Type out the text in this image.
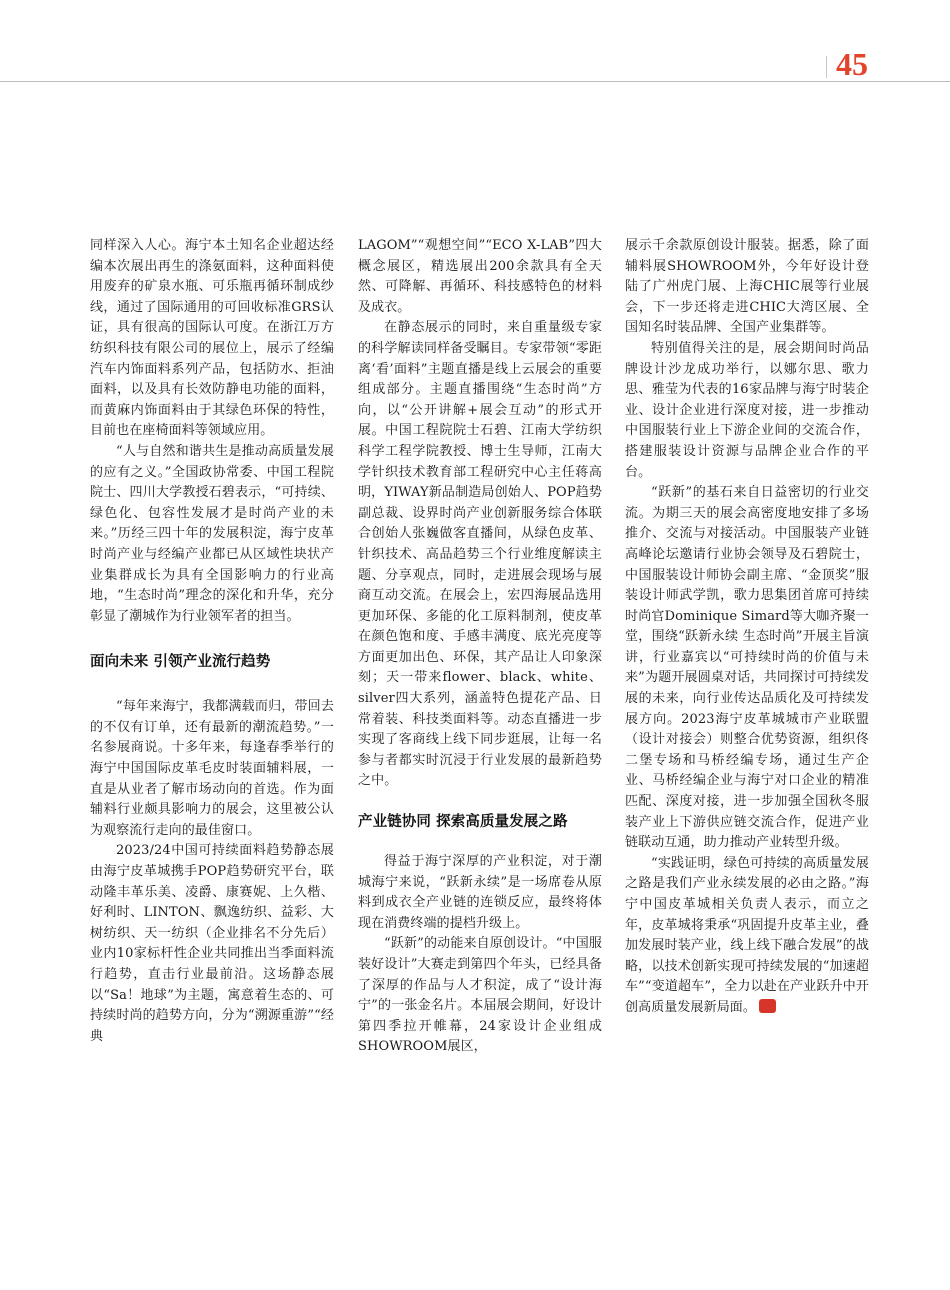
45

同样深入人心。海宁本土知名企业超达经编本次展出再生的涤氨面料，这种面料使用废弃的矿泉水瓶、可乐瓶再循环制成纱线，通过了国际通用的可回收标准GRS认证，具有很高的国际认可度。在浙江万方纺织科技有限公司的展位上，展示了经编汽车内饰面料系列产品，包括防水、拒油面料，以及具有长效防静电功能的面料，而黄麻内饰面料由于其绿色环保的特性，目前也在座椅面料等领域应用。

“人与自然和谐共生是推动高质量发展的应有之义。”全国政协常委、中国工程院院士、四川大学教授石碧表示，“可持续、绿色化、包容性发展才是时尚产业的未来。”历经三四十年的发展积淀，海宁皮革时尚产业与经编产业都已从区域性块状产业集群成长为具有全国影响力的行业高地，“生态时尚”理念的深化和升华，充分彰显了潮城作为行业领军者的担当。

面向未来 引领产业流行趋势

“每年来海宁，我都满载而归，带回去的不仅有订单，还有最新的潮流趋势。”一名参展商说。十多年来，每逢春季举行的海宁中国国际皮革毛皮时装面辅料展，一直是从业者了解市场动向的首选。作为面辅料行业颇具影响力的展会，这里被公认为观察流行走向的最佳窗口。

2023/24中国可持续面料趋势静态展由海宁皮革城携手POP趋势研究平台，联动隆丰革乐美、凌爵、康赛妮、上久楷、好利时、LINTON、飘逸纺织、益彩、大树纺织、天一纺织（企业排名不分先后）业内10家标杆性企业共同推出当季面料流行趋势，直击行业最前沿。这场静态展以“Sa！地球”为主题，寓意着生态的、可持续时尚的趋势方向，分为“溯源重游”“经典

LAGOM”“观想空间”“ECO X-LAB”四大概念展区，精选展出200余款具有全天然、可降解、再循环、科技感特色的材料及成衣。

在静态展示的同时，来自重量级专家的科学解读同样备受瞩目。专家带领“零距离‘看’面料”主题直播是线上云展会的重要组成部分。主题直播围绕“生态时尚”方向，以“公开讲解+展会互动”的形式开展。中国工程院院士石碧、江南大学纺织科学工程学院教授、博士生导师，江南大学针织技术教育部工程研究中心主任蒋高明，YIWAY新品制造局创始人、POP趋势副总裁、设界时尚产业创新服务综合体联合创始人张巍做客直播间，从绿色皮革、针织技术、高品趋势三个行业维度解读主题、分享观点，同时，走进展会现场与展商互动交流。在展会上，宏四海展品选用更加环保、多能的化工原料制剂，使皮革在颜色饱和度、手感丰满度、底光亮度等方面更加出色、环保，其产品让人印象深刻；天一带来flower、black、white、silver四大系列，涵盖特色提花产品、日常着装、科技类面料等。动态直播进一步实现了客商线上线下同步逛展，让每一名参与者都实时沉浸于行业发展的最新趋势之中。

产业链协同 探索高质量发展之路

得益于海宁深厚的产业积淀，对于潮城海宁来说，“跃新永续”是一场席卷从原料到成衣全产业链的连锁反应，最终将体现在消费终端的提档升级上。

“跃新”的动能来自原创设计。“中国服装好设计”大赛走到第四个年头，已经具备了深厚的作品与人才积淀，成了“设计海宁”的一张金名片。本届展会期间，好设计第四季拉开帷幕，24家设计企业组成SHOWROOM展区，

展示千余款原创设计服装。据悉，除了面辅料展SHOWROOM外，今年好设计登陆了广州虎门展、上海CHIC展等行业展会，下一步还将走进CHIC大湾区展、全国知名时装品牌、全国产业集群等。

特别值得关注的是，展会期间时尚品牌设计沙龙成功举行，以娜尔思、歌力思、雅莹为代表的16家品牌与海宁时装企业、设计企业进行深度对接，进一步推动中国服装行业上下游企业间的交流合作，搭建服装设计资源与品牌企业合作的平台。

“跃新”的基石来自日益密切的行业交流。为期三天的展会高密度地安排了多场推介、交流与对接活动。中国服装产业链高峰论坛邀请行业协会领导及石碧院士，中国服装设计师协会副主席、“金顶奖”服装设计师武学凯，歌力思集团首席可持续时尚官Dominique Simard等大咖齐聚一堂，围绕“跃新永续 生态时尚”开展主旨演讲，行业嘉宾以“可持续时尚的价值与未来”为题开展圆桌对话，共同探讨可持续发展的未来，向行业传达品质化及可持续发展方向。2023海宁皮革城城市产业联盟（设计对接会）则整合优势资源，组织佟二堡专场和马桥经编专场，通过生产企业、马桥经编企业与海宁对口企业的精准匹配、深度对接，进一步加强全国秋冬服装产业上下游供应链交流合作，促进产业链联动互通，助力推动产业转型升级。

“实践证明，绿色可持续的高质量发展之路是我们产业永续发展的必由之路。”海宁中国皮革城相关负责人表示，而立之年，皮革城将秉承“巩固提升皮革主业，叠加发展时装产业，线上线下融合发展”的战略，以技术创新实现可持续发展的“加速超车”“变道超车”，全力以赴在产业跃升中开创高质量发展新局面。
